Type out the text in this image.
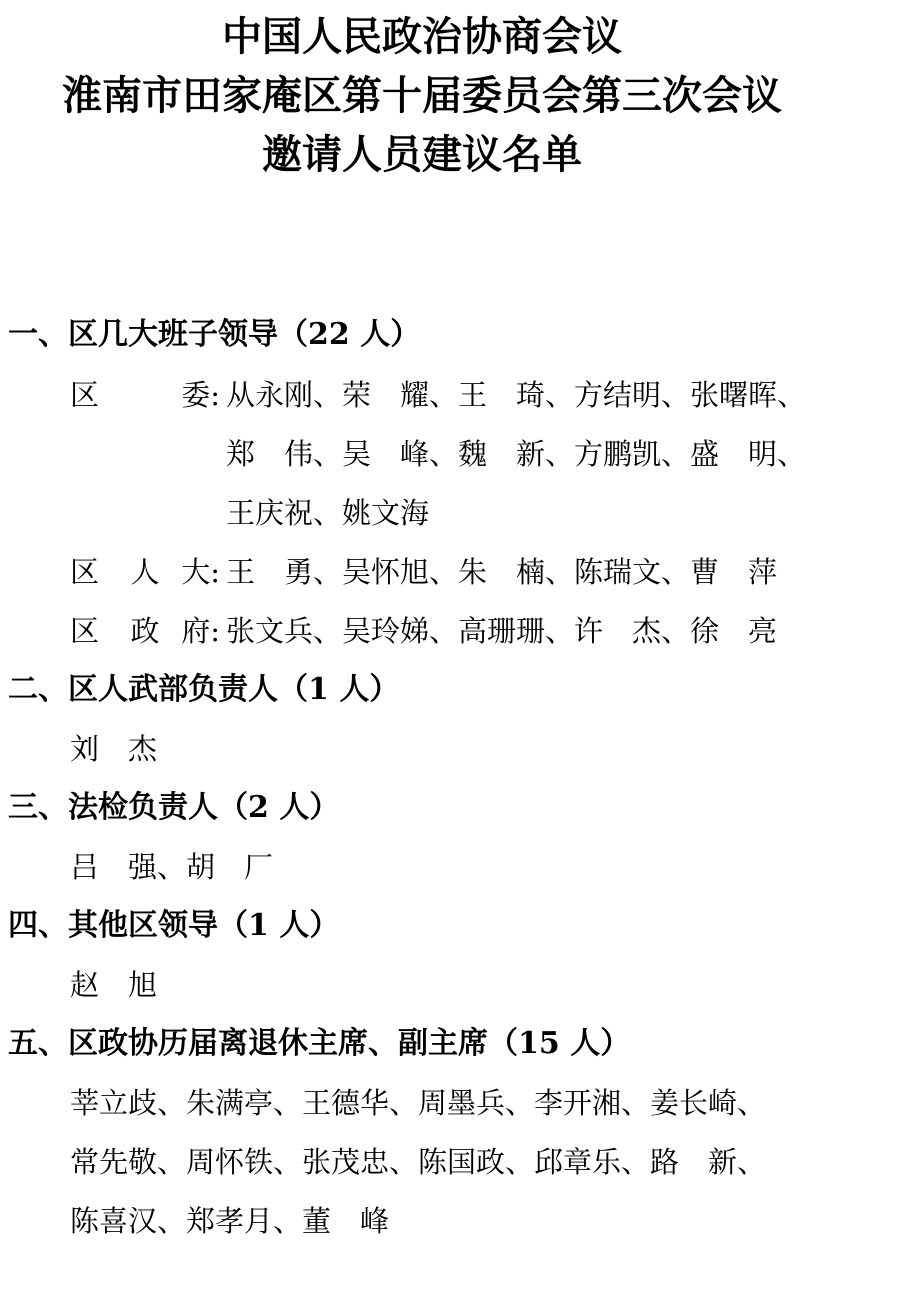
中国人民政治协商会议
淮南市田家庵区第十届委员会第三次会议
邀请人员建议名单
一、区几大班子领导（22 人）
区	委: 从永刚、荣　耀、王　琦、方结明、张曙晖、
郑　伟、吴　峰、魏　新、方鹏凯、盛　明、
王庆祝、姚文海
区	人 大: 王　勇、吴怀旭、朱　楠、陈瑞文、曹　萍
区	政 府: 张文兵、吴玲娣、高珊珊、许　杰、徐　亮
二、区人武部负责人（1 人）
刘　杰
三、法检负责人（2 人）
吕　强、胡　厂
四、其他区领导（1 人）
赵　旭
五、区政协历届离退休主席、副主席（15 人）
莘立歧、朱满亭、王德华、周墨兵、李开湘、姜长崎、
常先敬、周怀铁、张茂忠、陈国政、邱章乐、路　新、
陈喜汉、郑孝月、董　峰
